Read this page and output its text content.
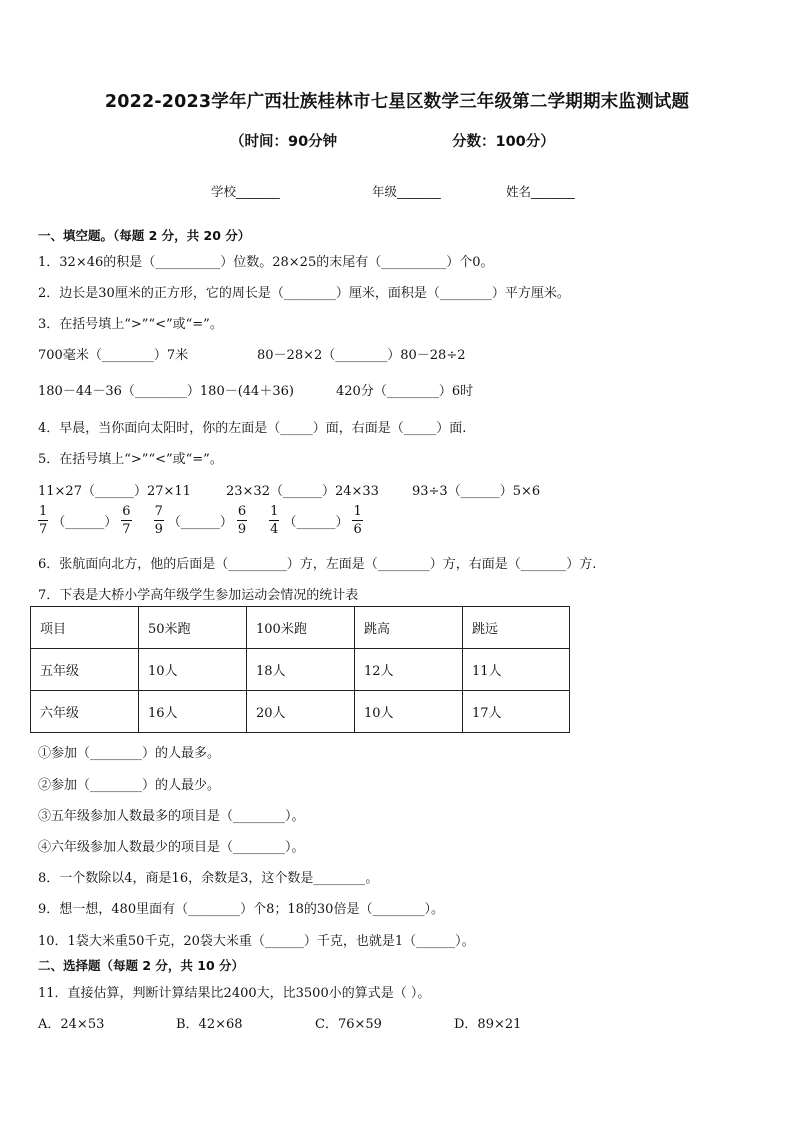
2022-2023学年广西壮族桂林市七星区数学三年级第二学期期末监测试题
（时间：90分钟	分数：100分）
学校_______	年级_______	姓名_______
一、填空题。（每题 2 分，共 20 分）
1．32×46的积是（__________）位数。28×25的末尾有（__________）个0。
2．边长是30厘米的正方形，它的周长是（________）厘米，面积是（________）平方厘米。
3．在括号填上“>”“<”或“=”。
700毫米（________）7米	80－28×2（________）80－28÷2
180－44－36（________）180－(44＋36)	420分（________）6时
4．早晨，当你面向太阳时，你的左面是（_____）面，右面是（_____）面.
5．在括号填上“>”“<”或“=”。
11×27（______）27×11	23×32（______）24×33	93÷3（______）5×6
$\frac{1}{7}$ （______） $\frac{6}{7} \frac{7}{9}$ （______） $\frac{6}{9} \frac{1}{4}$ （______） $\frac{1}{6}$
6．张航面向北方，他的后面是（_________）方，左面是（________）方，右面是（_______）方.
7．下表是大桥小学高年级学生参加运动会情况的统计表
项目	50米跑	100米跑	跳高	跳远
五年级	10人	18人	12人	11人
六年级	16人	20人	10人	17人
①参加（________）的人最多。
②参加（________）的人最少。
③五年级参加人数最多的项目是（________）。
④六年级参加人数最少的项目是（________）。
8．一个数除以4，商是16，余数是3，这个数是________。
9．想一想，480里面有（________）个8；18的30倍是（________）。
10．1袋大米重50千克，20袋大米重（______）千克，也就是1（______）。
二、选择题（每题 2 分，共 10 分）
11．直接估算，判断计算结果比2400大，比3500小的算式是（ ）。
A．24×53	B．42×68	C．76×59	D．89×21
